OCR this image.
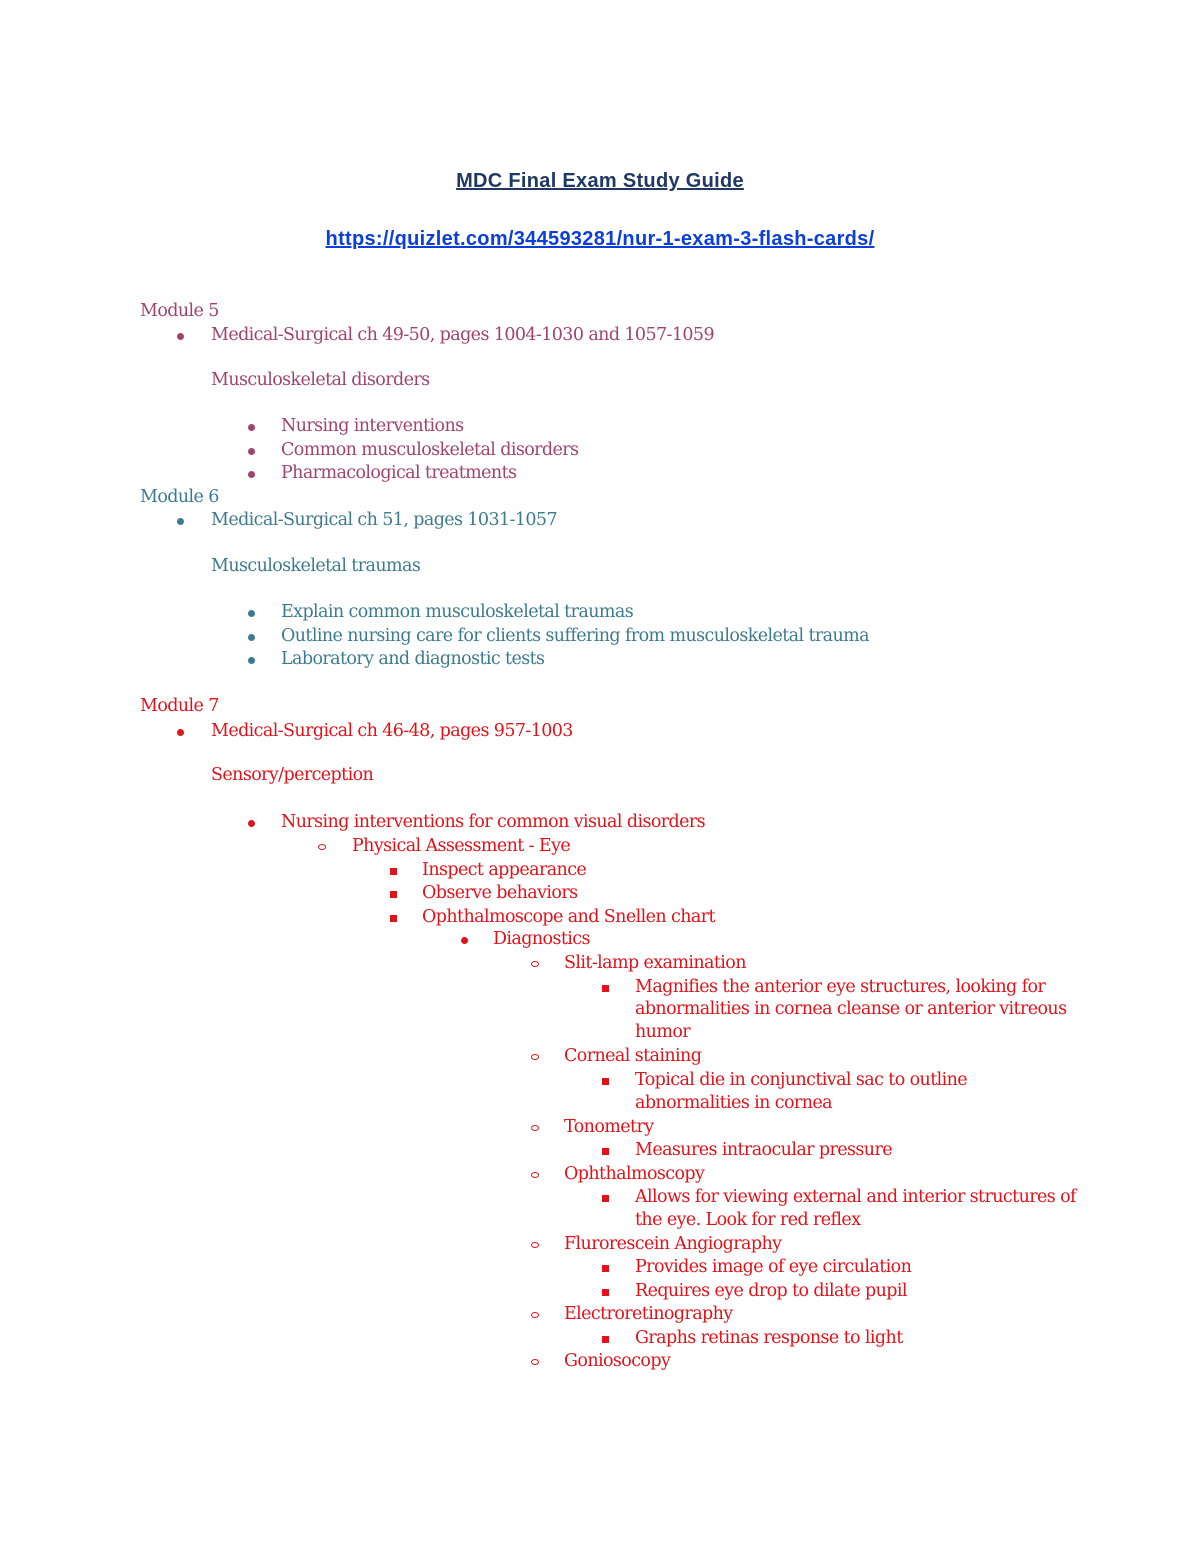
MDC Final Exam Study Guide
https://quizlet.com/344593281/nur-1-exam-3-flash-cards/
Module 5
Medical-Surgical ch 49-50, pages 1004-1030 and 1057-1059
Musculoskeletal disorders
Nursing interventions
Common musculoskeletal disorders
Pharmacological treatments
Module 6
Medical-Surgical ch 51, pages 1031-1057
Musculoskeletal traumas
Explain common musculoskeletal traumas
Outline nursing care for clients suffering from musculoskeletal trauma
Laboratory and diagnostic tests
Module 7
Medical-Surgical ch 46-48, pages 957-1003
Sensory/perception
Nursing interventions for common visual disorders
Physical Assessment - Eye
Inspect appearance
Observe behaviors
Ophthalmoscope and Snellen chart
Diagnostics
Slit-lamp examination
Magnifies the anterior eye structures, looking for
abnormalities in cornea cleanse or anterior vitreous
humor
Corneal staining
Topical die in conjunctival sac to outline
abnormalities in cornea
Tonometry
Measures intraocular pressure
Ophthalmoscopy
Allows for viewing external and interior structures of
the eye. Look for red reflex
Flurorescein Angiography
Provides image of eye circulation
Requires eye drop to dilate pupil
Electroretinography
Graphs retinas response to light
Goniosocopy
